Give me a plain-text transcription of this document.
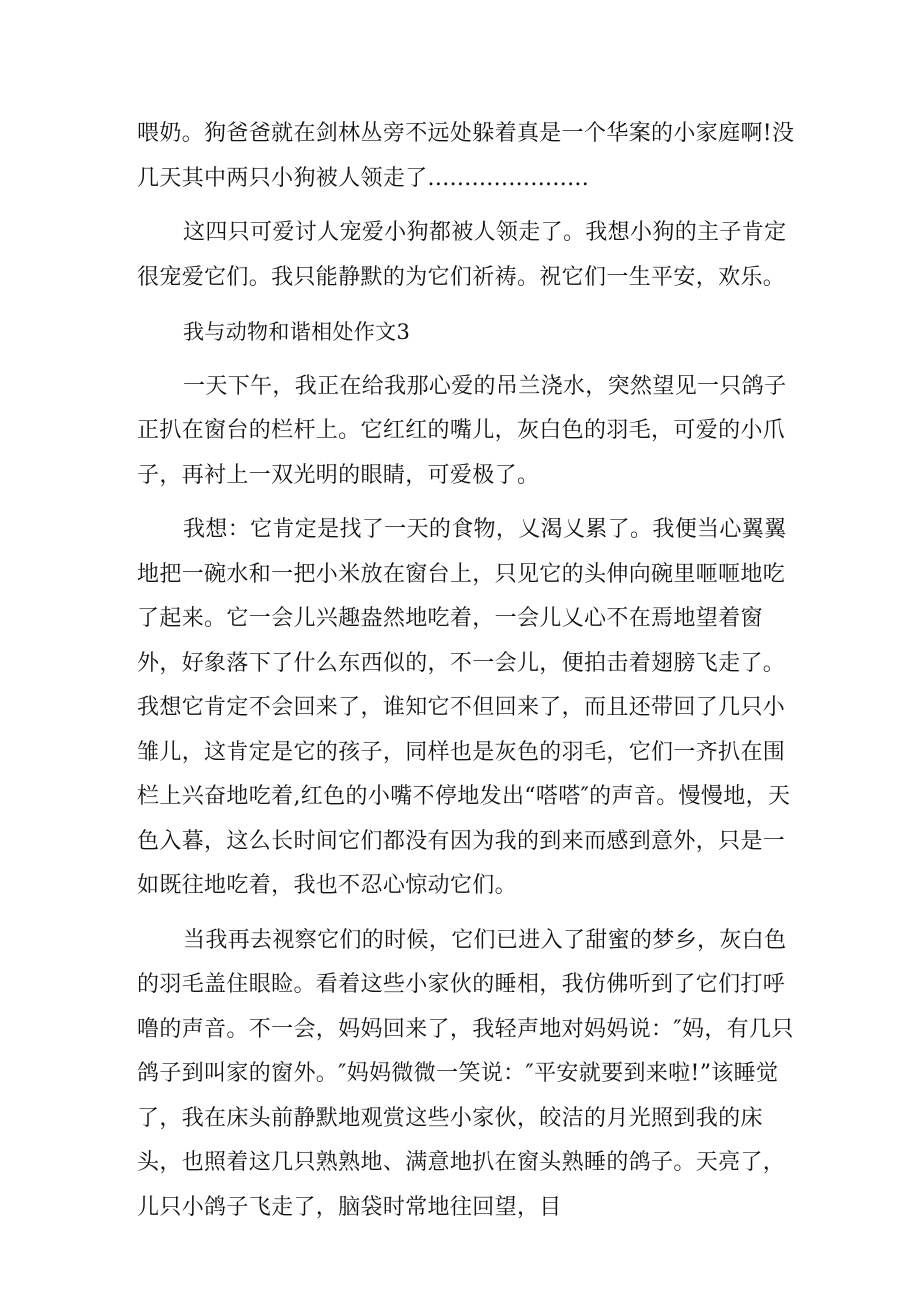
喂奶。狗爸爸就在剑林丛旁不远处躲着真是一个华案的小家庭啊!没几天其中两只小狗被人领走了......................

这四只可爱讨人宠爱小狗都被人领走了。我想小狗的主子肯定很宠爱它们。我只能静默的为它们祈祷。祝它们一生平安，欢乐。

我与动物和谐相处作文3

一天下午，我正在给我那心爱的吊兰浇水，突然望见一只鸽子正扒在窗台的栏杆上。它红红的嘴儿，灰白色的羽毛，可爱的小爪子，再衬上一双光明的眼睛，可爱极了。

我想：它肯定是找了一天的食物，乂渴乂累了。我便当心翼翼地把一碗水和一把小米放在窗台上，只见它的头伸向碗里咂咂地吃了起来。它一会儿兴趣盎然地吃着，一会儿乂心不在焉地望着窗外，好象落下了什么东西似的，不一会儿，便拍击着翅膀飞走了。我想它肯定不会回来了，谁知它不但回来了，而且还带回了几只小雏儿，这肯定是它的孩子，同样也是灰色的羽毛，它们一齐扒在围栏上兴奋地吃着,红色的小嘴不停地发出“嗒嗒″的声音。慢慢地，天色入暮，这么长时间它们都没有因为我的到来而感到意外，只是一如既往地吃着，我也不忍心惊动它们。

当我再去视察它们的时候，它们已进入了甜蜜的梦乡，灰白色的羽毛盖住眼睑。看着这些小家伙的睡相，我仿佛听到了它们打呼噜的声音。不一会，妈妈回来了，我轻声地对妈妈说：″妈，有几只鸽子到叫家的窗外。″妈妈微微一笑说：″平安就要到来啦!”该睡觉了，我在床头前静默地观赏这些小家伙，皎洁的月光照到我的床头，也照着这几只熟熟地、满意地扒在窗头熟睡的鸽子。天亮了，儿只小鸽子飞走了，脑袋时常地往回望，目
